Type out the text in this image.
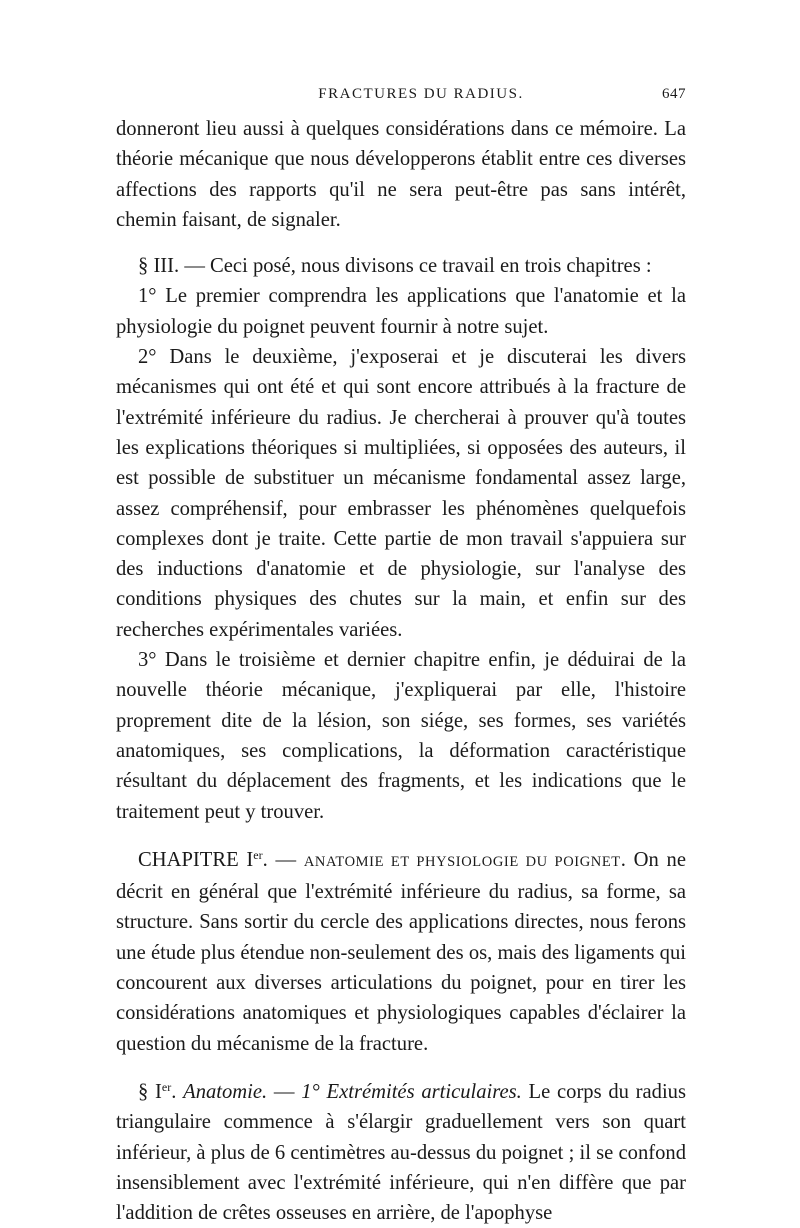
FRACTURES DU RADIUS.	647

donneront lieu aussi à quelques considérations dans ce mémoire. La théorie mécanique que nous développerons établit entre ces diverses affections des rapports qu'il ne sera peut-être pas sans intérêt, chemin faisant, de signaler.

§ III. — Ceci posé, nous divisons ce travail en trois chapitres :

1° Le premier comprendra les applications que l'anatomie et la physiologie du poignet peuvent fournir à notre sujet.

2° Dans le deuxième, j'exposerai et je discuterai les divers mécanismes qui ont été et qui sont encore attribués à la fracture de l'extrémité inférieure du radius. Je chercherai à prouver qu'à toutes les explications théoriques si multipliées, si opposées des auteurs, il est possible de substituer un mécanisme fondamental assez large, assez compréhensif, pour embrasser les phénomènes quelquefois complexes dont je traite. Cette partie de mon travail s'appuiera sur des inductions d'anatomie et de physiologie, sur l'analyse des conditions physiques des chutes sur la main, et enfin sur des recherches expérimentales variées.

3° Dans le troisième et dernier chapitre enfin, je déduirai de la nouvelle théorie mécanique, j'expliquerai par elle, l'histoire proprement dite de la lésion, son siége, ses formes, ses variétés anatomiques, ses complications, la déformation caractéristique résultant du déplacement des fragments, et les indications que le traitement peut y trouver.

CHAPITRE Ier. — ANATOMIE ET PHYSIOLOGIE DU POIGNET. On ne décrit en général que l'extrémité inférieure du radius, sa forme, sa structure. Sans sortir du cercle des applications directes, nous ferons une étude plus étendue non-seulement des os, mais des ligaments qui concourent aux diverses articulations du poignet, pour en tirer les considérations anatomiques et physiologiques capables d'éclairer la question du mécanisme de la fracture.

§ Ier. Anatomie. — 1° Extrémités articulaires. Le corps du radius triangulaire commence à s'élargir graduellement vers son quart inférieur, à plus de 6 centimètres au-dessus du poignet ; il se confond insensiblement avec l'extrémité inférieure, qui n'en diffère que par l'addition de crêtes osseuses en arrière, de l'apophyse
